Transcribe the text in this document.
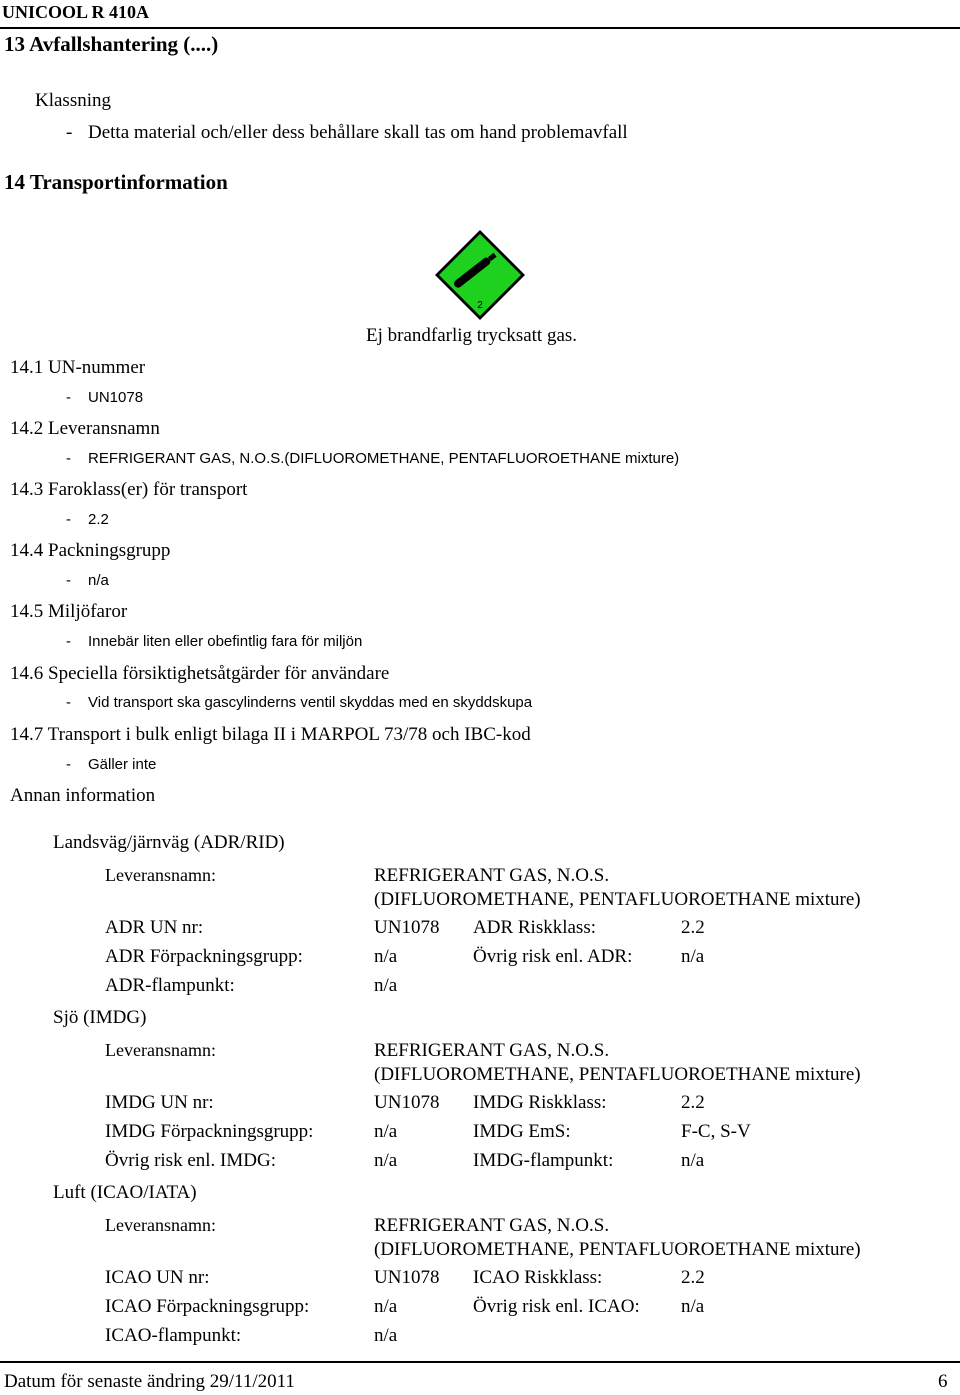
UNICOOL R 410A
13 Avfallshantering (....)
Klassning
- Detta material och/eller dess behållare skall tas om hand problemavfall
14 Transportinformation
2
Ej brandfarlig trycksatt gas.
14.1 UN-nummer
- UN1078
14.2 Leveransnamn
- REFRIGERANT GAS, N.O.S.(DIFLUOROMETHANE, PENTAFLUOROETHANE mixture)
14.3 Faroklass(er) för transport
- 2.2
14.4 Packningsgrupp
- n/a
14.5 Miljöfaror
- Innebär liten eller obefintlig fara för miljön
14.6 Speciella försiktighetsåtgärder för användare
- Vid transport ska gascylinderns ventil skyddas med en skyddskupa
14.7 Transport i bulk enligt bilaga II i MARPOL 73/78 och IBC-kod
- Gäller inte
Annan information
Landsväg/järnväg (ADR/RID)
Leveransnamn:	REFRIGERANT GAS, N.O.S.
(DIFLUOROMETHANE, PENTAFLUOROETHANE mixture)
ADR UN nr:	UN1078 ADR Riskklass:	2.2
ADR Förpackningsgrupp:	n/a	Övrig risk enl. ADR:	n/a
ADR-flampunkt:	n/a
Sjö (IMDG)
Leveransnamn:	REFRIGERANT GAS, N.O.S.
(DIFLUOROMETHANE, PENTAFLUOROETHANE mixture)
IMDG UN nr:	UN1078 IMDG Riskklass:	2.2
IMDG Förpackningsgrupp:	n/a	IMDG EmS:	F-C, S-V
Övrig risk enl. IMDG:	n/a	IMDG-flampunkt:	n/a
Luft (ICAO/IATA)
Leveransnamn:	REFRIGERANT GAS, N.O.S.
(DIFLUOROMETHANE, PENTAFLUOROETHANE mixture)
ICAO UN nr:	UN1078 ICAO Riskklass:	2.2
ICAO Förpackningsgrupp:	n/a	Övrig risk enl. ICAO: n/a
ICAO-flampunkt:	n/a
Datum för senaste ändring 29/11/2011	6
